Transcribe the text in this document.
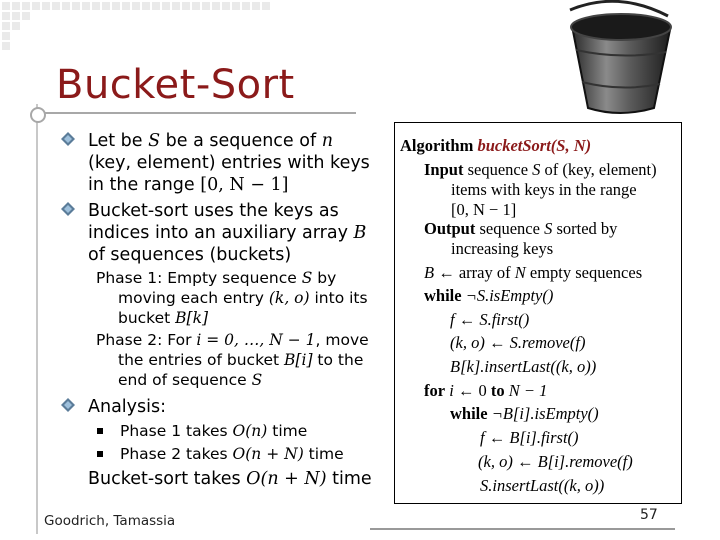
Bucket-Sort
Let be S be a sequence of n
(key, element) entries with keys
in the range [0, N − 1]
Bucket-sort uses the keys as
indices into an auxiliary array B
of sequences (buckets)
Phase 1: Empty sequence S by
moving each entry (k, o) into its
bucket B[k]
Phase 2: For i = 0, …, N − 1, move
the entries of bucket B[i] to the
end of sequence S
Analysis:
Phase 1 takes O(n) time
Phase 2 takes O(n + N) time
Bucket-sort takes O(n + N) time
Algorithm bucketSort(S, N)
Input sequence S of (key, element)
items with keys in the range
[0, N − 1]
Output sequence S sorted by
increasing keys
B ← array of N empty sequences
while ¬S.isEmpty()
f ← S.first()
(k, o) ← S.remove(f)
B[k].insertLast((k, o))
for i ← 0 to N − 1
while ¬B[i].isEmpty()
f ← B[i].first()
(k, o) ← B[i].remove(f)
S.insertLast((k, o))
Goodrich, Tamassia	57
